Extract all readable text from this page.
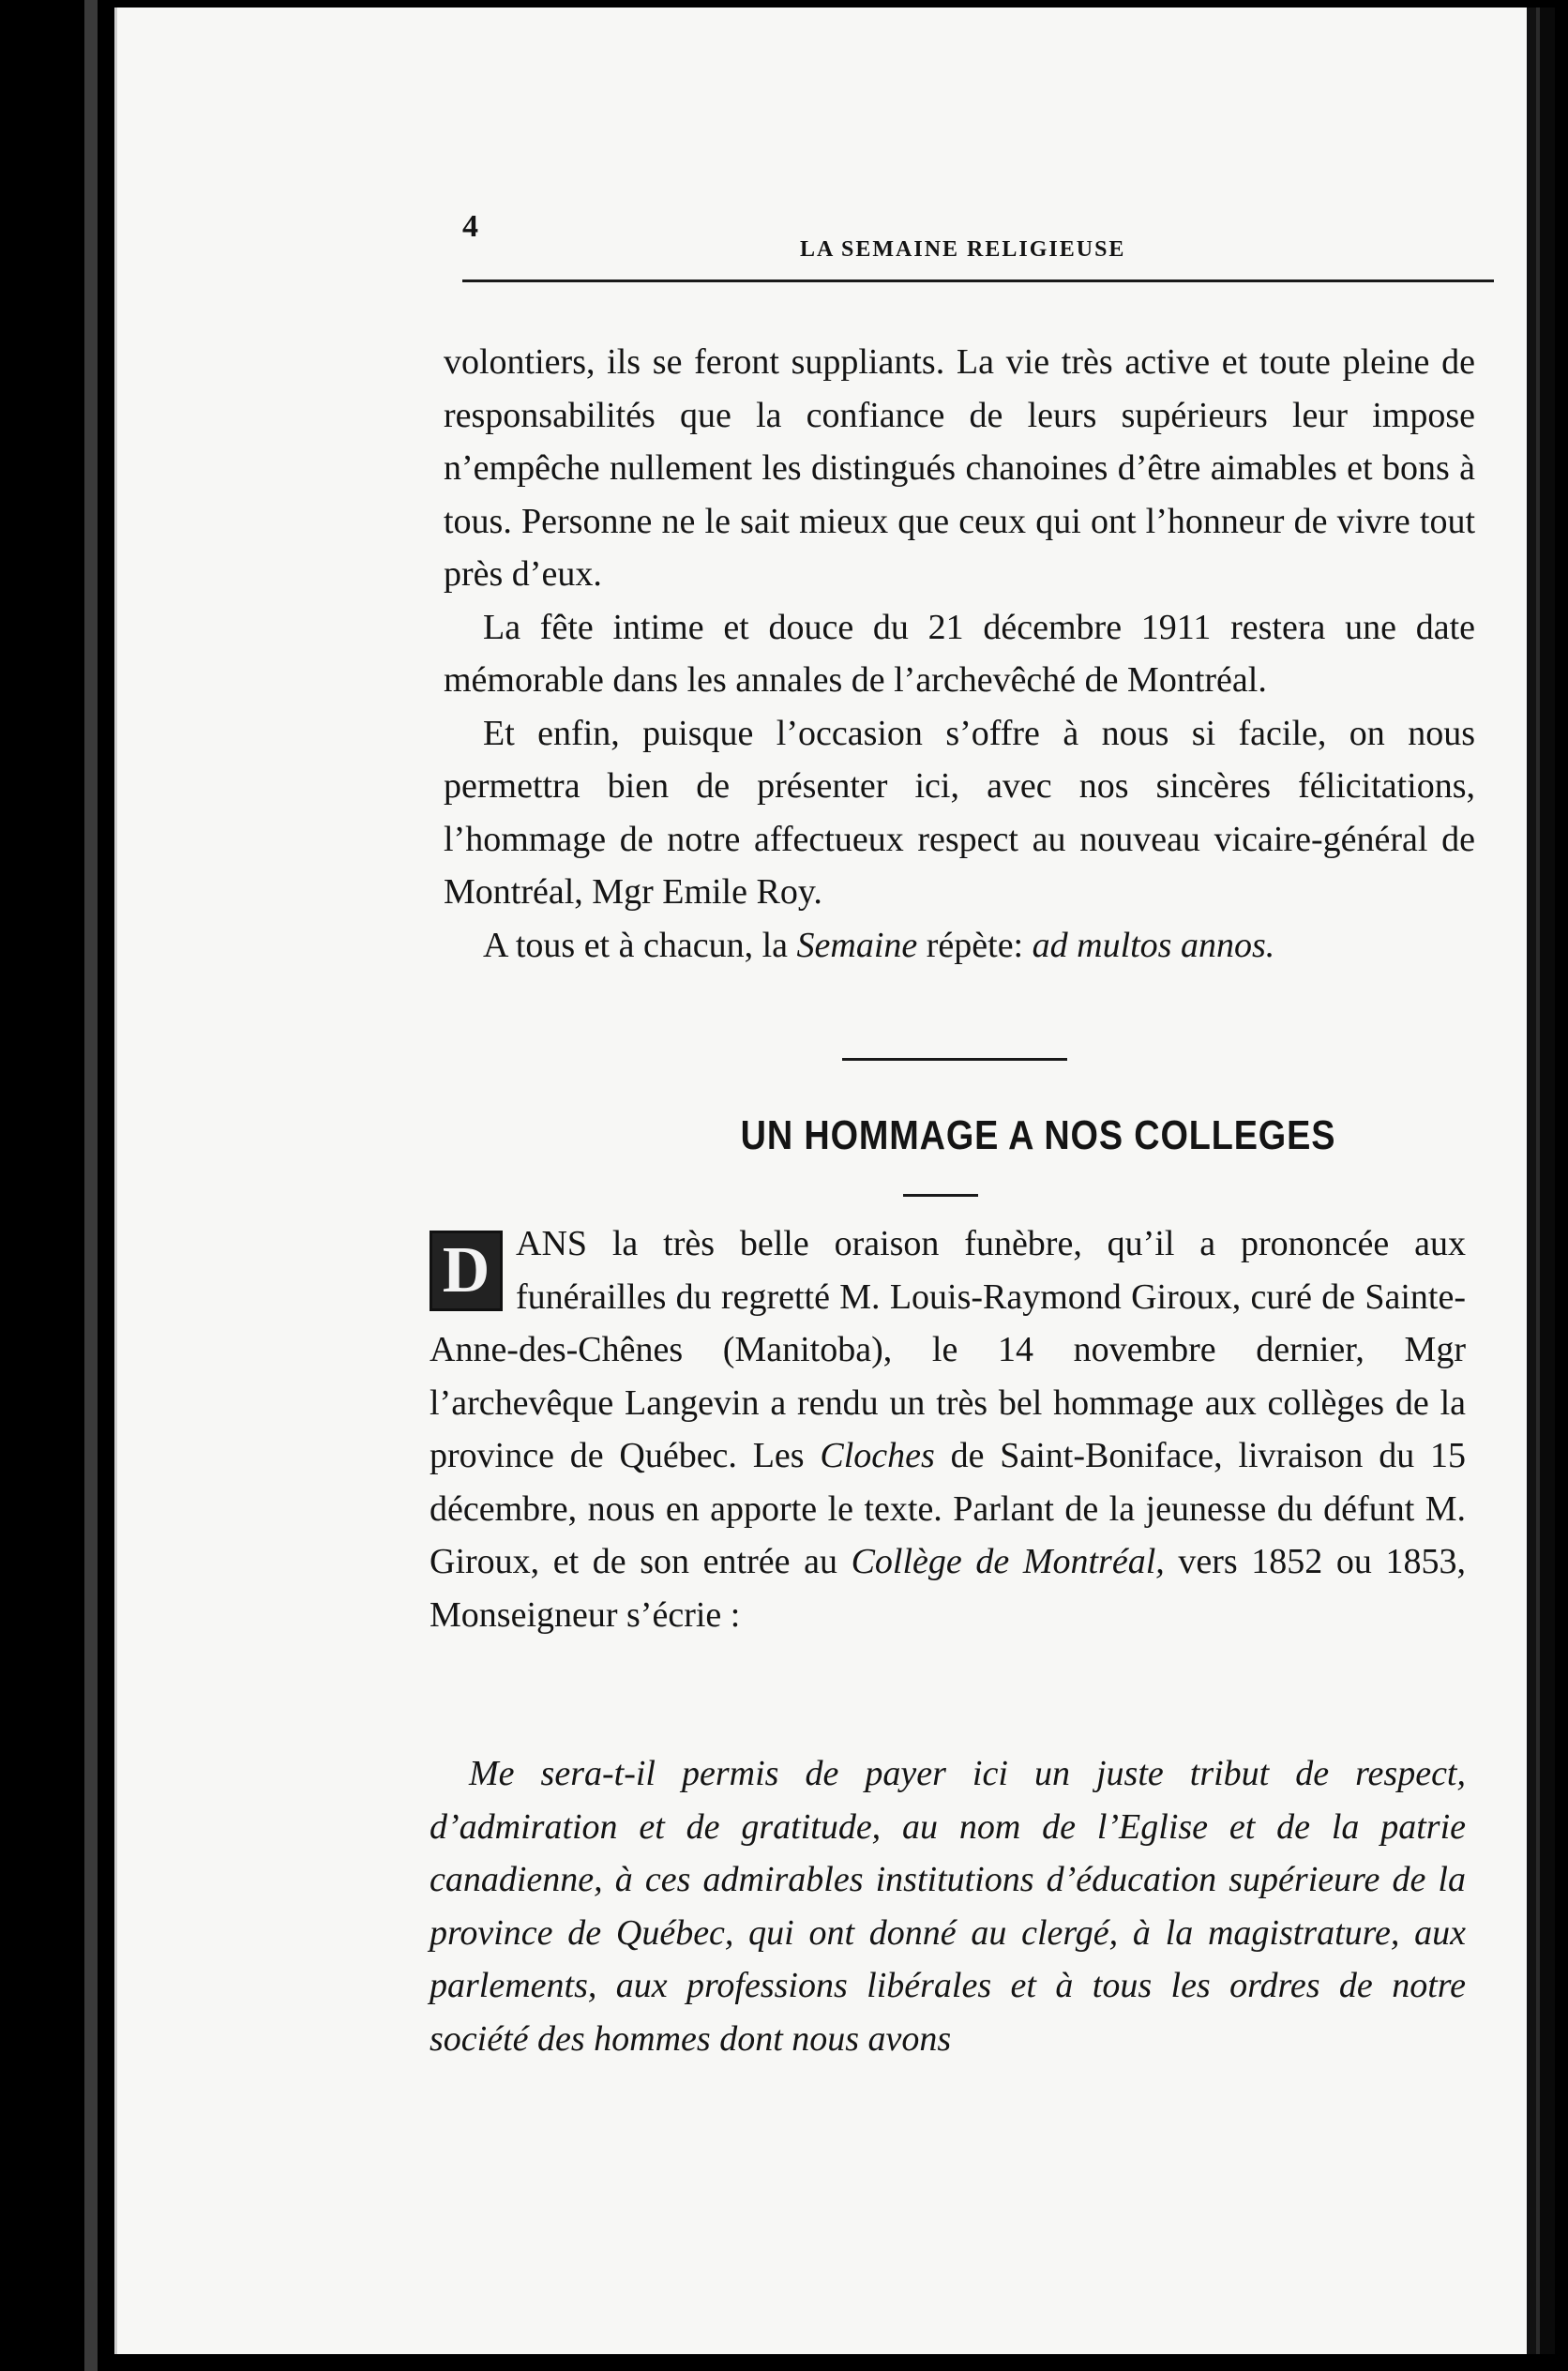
4
LA SEMAINE RELIGIEUSE

volontiers, ils se feront suppliants. La vie très active et toute pleine de responsabilités que la confiance de leurs supérieurs leur impose n’empêche nullement les distingués chanoines d’être aimables et bons à tous. Personne ne le sait mieux que ceux qui ont l’honneur de vivre tout près d’eux.

La fête intime et douce du 21 décembre 1911 restera une date mémorable dans les annales de l’archevêché de Montréal.

Et enfin, puisque l’occasion s’offre à nous si facile, on nous permettra bien de présenter ici, avec nos sincères félicitations, l’hommage de notre affectueux respect au nouveau vicaire-général de Montréal, Mgr Emile Roy.

A tous et à chacun, la Semaine répète: ad multos annos.

UN HOMMAGE A NOS COLLEGES

D ANS la très belle oraison funèbre, qu’il a prononcée aux funérailles du regretté M. Louis-Raymond Giroux, curé de Sainte-Anne-des-Chênes (Manitoba), le 14 novembre dernier, Mgr l’archevêque Langevin a rendu un très bel hommage aux collèges de la province de Québec. Les Cloches de Saint-Boniface, livraison du 15 décembre, nous en apporte le texte. Parlant de la jeunesse du défunt M. Giroux, et de son entrée au Collège de Montréal, vers 1852 ou 1853, Monseigneur s’écrie :

Me sera-t-il permis de payer ici un juste tribut de respect, d’admiration et de gratitude, au nom de l’Eglise et de la patrie canadienne, à ces admirables institutions d’éducation supérieure de la province de Québec, qui ont donné au clergé, à la magistrature, aux parlements, aux professions libérales et à tous les ordres de notre société des hommes dont nous avons
